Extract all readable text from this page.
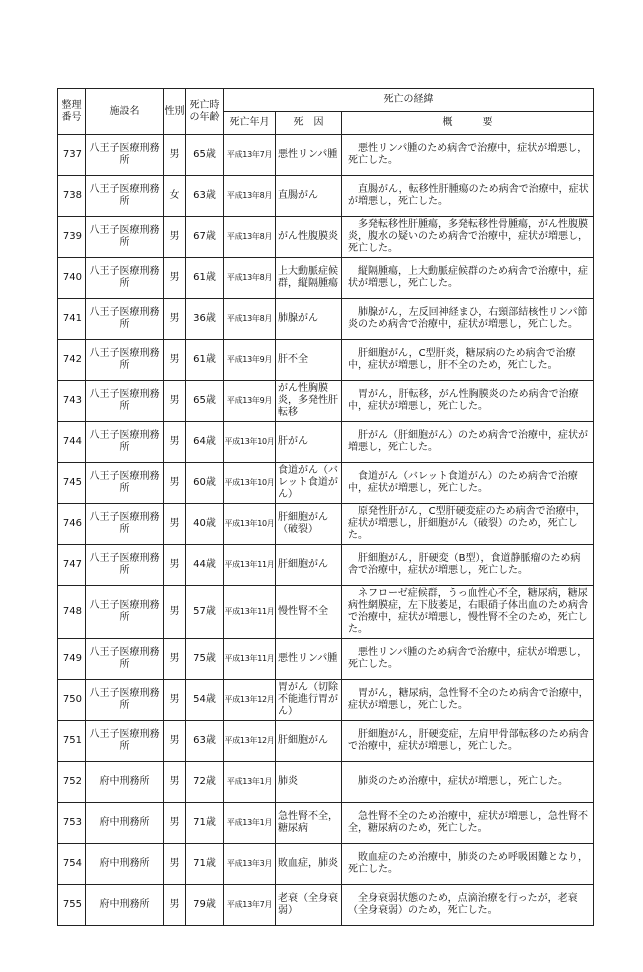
整理番号	施設名	性別	死亡時の年齢	死亡の経緯		
				死亡年月	死　因	概　　　要
737	八王子医療刑務所	男	65歳	平成13年7月	悪性リンパ腫	　悪性リンパ腫のため病舎で治療中，症状が増悪し，死亡した。
738	八王子医療刑務所	女	63歳	平成13年8月	直腸がん	　直腸がん，転移性肝腫瘍のため病舎で治療中，症状が増悪し，死亡した。
739	八王子医療刑務所	男	67歳	平成13年8月	がん性腹膜炎	　多発転移性肝腫瘍，多発転移性骨腫瘍，がん性腹膜炎，腹水の疑いのため病舎で治療中，症状が増悪し，死亡した。
740	八王子医療刑務所	男	61歳	平成13年8月	上大動脈症候群，縦隔腫瘍	　縦隔腫瘍，上大動脈症候群のため病舎で治療中，症状が増悪し，死亡した。
741	八王子医療刑務所	男	36歳	平成13年8月	肺腺がん	　肺腺がん，左反回神経まひ，右頸部結核性リンパ節炎のため病舎で治療中，症状が増悪し，死亡した。
742	八王子医療刑務所	男	61歳	平成13年9月	肝不全	　肝細胞がん，C型肝炎，糖尿病のため病舎で治療中，症状が増悪し，肝不全のため，死亡した。
743	八王子医療刑務所	男	65歳	平成13年9月	がん性胸膜炎，多発性肝転移	　胃がん，肝転移，がん性胸膜炎のため病舎で治療中，症状が増悪し，死亡した。
744	八王子医療刑務所	男	64歳	平成13年10月	肝がん	　肝がん（肝細胞がん）のため病舎で治療中，症状が増悪し，死亡した。
745	八王子医療刑務所	男	60歳	平成13年10月	食道がん（バレット食道がん）	　食道がん（バレット食道がん）のため病舎で治療中，症状が増悪し，死亡した。
746	八王子医療刑務所	男	40歳	平成13年10月	肝細胞がん（破裂）	　原発性肝がん，C型肝硬変症のため病舎で治療中，症状が増悪し，肝細胞がん（破裂）のため，死亡した。
747	八王子医療刑務所	男	44歳	平成13年11月	肝細胞がん	　肝細胞がん，肝硬変（B型），食道静脈瘤のため病舎で治療中，症状が増悪し，死亡した。
748	八王子医療刑務所	男	57歳	平成13年11月	慢性腎不全	　ネフローゼ症候群，うっ血性心不全，糖尿病，糖尿病性網膜症，左下肢萎足，右眼硝子体出血のため病舎で治療中，症状が増悪し，慢性腎不全のため，死亡した。
749	八王子医療刑務所	男	75歳	平成13年11月	悪性リンパ腫	　悪性リンパ腫のため病舎で治療中，症状が増悪し，死亡した。
750	八王子医療刑務所	男	54歳	平成13年12月	胃がん（切除不能進行胃がん）	　胃がん，糖尿病，急性腎不全のため病舎で治療中，症状が増悪し，死亡した。
751	八王子医療刑務所	男	63歳	平成13年12月	肝細胞がん	　肝細胞がん，肝硬変症，左肩甲骨部転移のため病舎で治療中，症状が増悪し，死亡した。
752	府中刑務所	男	72歳	平成13年1月	肺炎	　肺炎のため治療中，症状が増悪し，死亡した。
753	府中刑務所	男	71歳	平成13年1月	急性腎不全，糖尿病	　急性腎不全のため治療中，症状が増悪し，急性腎不全，糖尿病のため，死亡した。
754	府中刑務所	男	71歳	平成13年3月	敗血症，肺炎	　敗血症のため治療中，肺炎のため呼吸困難となり，死亡した。
755	府中刑務所	男	79歳	平成13年7月	老衰（全身衰弱）	　全身衰弱状態のため，点滴治療を行ったが，老衰（全身衰弱）のため，死亡した。
